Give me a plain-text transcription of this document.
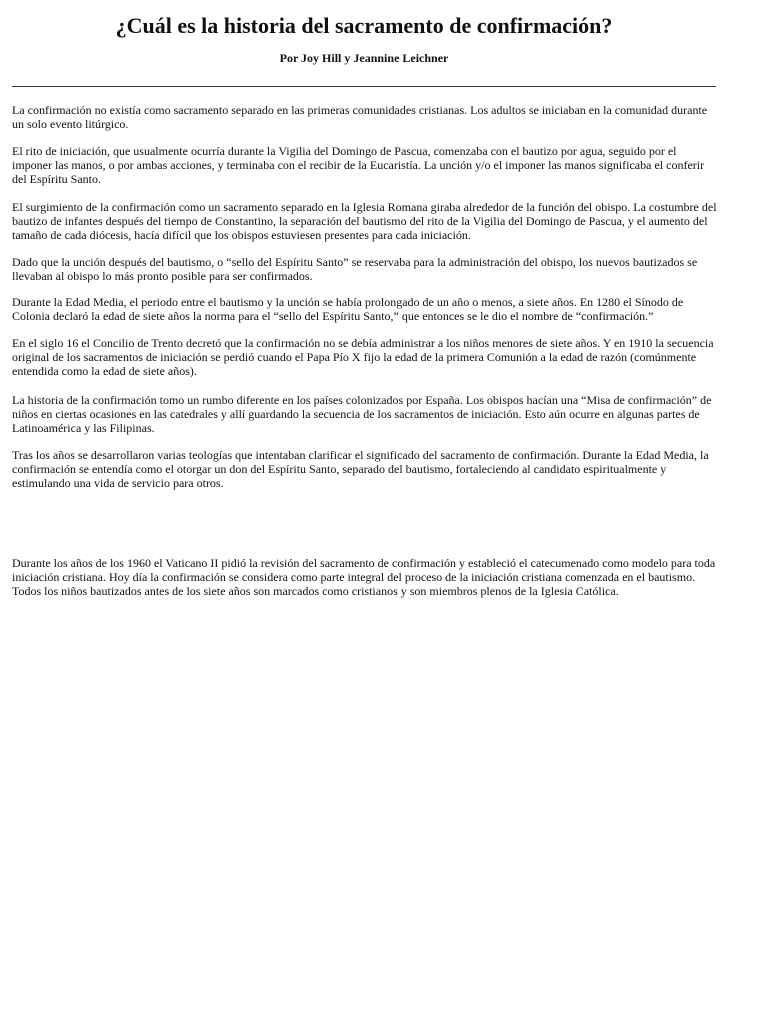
¿Cuál es la historia del sacramento de confirmación?
Por Joy Hill y Jeannine Leichner

La confirmación no existía como sacramento separado en las primeras comunidades cristianas. Los adultos se iniciaban en la comunidad durante un solo evento litúrgico.

El rito de iniciación, que usualmente ocurría durante la Vigilia del Domingo de Pascua, comenzaba con el bautizo por agua, seguido por el imponer las manos, o por ambas acciones, y terminaba con el recibir de la Eucaristía. La unción y/o el imponer las manos significaba el conferir del Espíritu Santo.

El surgimiento de la confirmación como un sacramento separado en la Iglesia Romana giraba alrededor de la función del obispo. La costumbre del bautizo de infantes después del tiempo de Constantino, la separación del bautismo del rito de la Vigilia del Domingo de Pascua, y el aumento del tamaño de cada diócesis, hacía difícil que los obispos estuviesen presentes para cada iniciación.

Dado que la unción después del bautismo, o “sello del Espíritu Santo” se reservaba para la administración del obispo, los nuevos bautizados se llevaban al obispo lo más pronto posible para ser confirmados.

Durante la Edad Media, el periodo entre el bautismo y la unción se había prolongado de un año o menos, a siete años. En 1280 el Sínodo de Colonia declaró la edad de siete años la norma para el “sello del Espíritu Santo,” que entonces se le dio el nombre de “confirmación.”

En el siglo 16 el Concilio de Trento decretó que la confirmación no se debía administrar a los niños menores de siete años. Y en 1910 la secuencia original de los sacramentos de iniciación se perdió cuando el Papa Pío X fijo la edad de la primera Comunión a la edad de razón (comúnmente entendida como la edad de siete años).

La historia de la confirmación tomo un rumbo diferente en los países colonizados por España. Los obispos hacían una “Misa de confirmación” de niños en ciertas ocasiones en las catedrales y allí guardando la secuencia de los sacramentos de iniciación. Esto aún ocurre en algunas partes de Latinoamérica y las Filipinas.

Tras los años se desarrollaron varias teologías que intentaban clarificar el significado del sacramento de confirmación. Durante la Edad Media, la confirmación se entendía como el otorgar un don del Espíritu Santo, separado del bautismo, fortaleciendo al candidato espiritualmente y estimulando una vida de servicio para otros.

Durante los años de los 1960 el Vaticano II pidió la revisión del sacramento de confirmación y estableció el catecumenado como modelo para toda iniciación cristiana. Hoy día la confirmación se considera como parte integral del proceso de la iniciación cristiana comenzada en el bautismo. Todos los niños bautizados antes de los siete años son marcados como cristianos y son miembros plenos de la Iglesia Católica.
